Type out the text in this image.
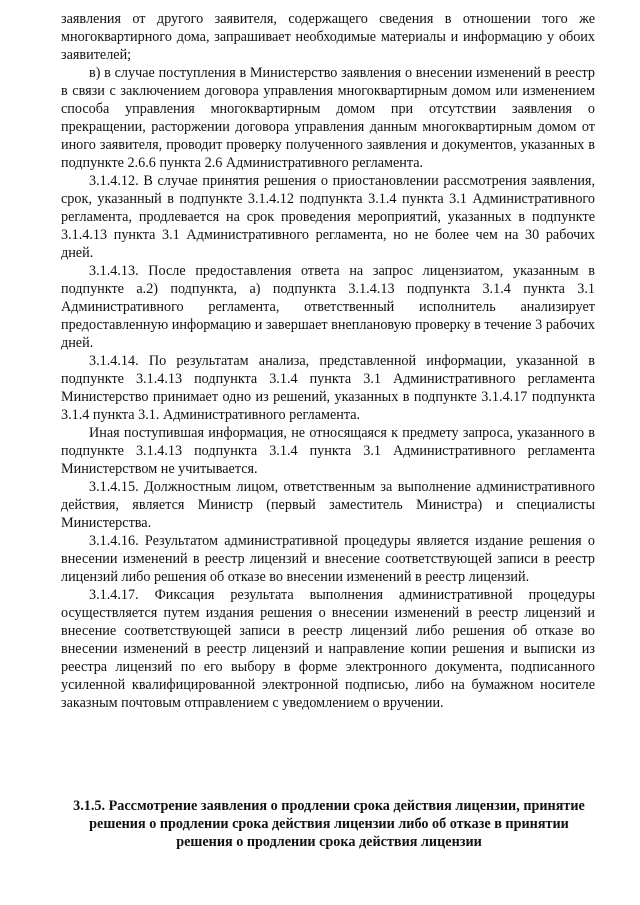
заявления от другого заявителя, содержащего сведения в отношении того же многоквартирного дома, запрашивает необходимые материалы и информацию у обоих заявителей;

в) в случае поступления в Министерство заявления о внесении изменений в реестр в связи с заключением договора управления многоквартирным домом или изменением способа управления многоквартирным домом при отсутствии заявления о прекращении, расторжении договора управления данным многоквартирным домом от иного заявителя, проводит проверку полученного заявления и документов, указанных в подпункте 2.6.6 пункта 2.6 Административного регламента.

3.1.4.12. В случае принятия решения о приостановлении рассмотрения заявления, срок, указанный в подпункте 3.1.4.12 подпункта 3.1.4 пункта 3.1 Административного регламента, продлевается на срок проведения мероприятий, указанных в подпункте 3.1.4.13 пункта 3.1 Административного регламента, но не более чем на 30 рабочих дней.

3.1.4.13. После предоставления ответа на запрос лицензиатом, указанным в подпункте а.2) подпункта, а) подпункта 3.1.4.13 подпункта 3.1.4 пункта 3.1 Административного регламента, ответственный исполнитель анализирует предоставленную информацию и завершает внеплановую проверку в течение 3 рабочих дней.

3.1.4.14. По результатам анализа, представленной информации, указанной в подпункте 3.1.4.13 подпункта 3.1.4 пункта 3.1 Административного регламента Министерство принимает одно из решений, указанных в подпункте 3.1.4.17 подпункта 3.1.4 пункта 3.1. Административного регламента.

Иная поступившая информация, не относящаяся к предмету запроса, указанного в подпункте 3.1.4.13 подпункта 3.1.4 пункта 3.1 Административного регламента Министерством не учитывается.

3.1.4.15. Должностным лицом, ответственным за выполнение административного действия, является Министр (первый заместитель Министра) и специалисты Министерства.

3.1.4.16. Результатом административной процедуры является издание решения о внесении изменений в реестр лицензий и внесение соответствующей записи в реестр лицензий либо решения об отказе во внесении изменений в реестр лицензий.

3.1.4.17. Фиксация результата выполнения административной процедуры осуществляется путем издания решения о внесении изменений в реестр лицензий и внесение соответствующей записи в реестр лицензий либо решения об отказе во внесении изменений в реестр лицензий и направление копии решения и выписки из реестра лицензий по его выбору в форме электронного документа, подписанного усиленной квалифицированной электронной подписью, либо на бумажном носителе заказным почтовым отправлением с уведомлением о вручении.

3.1.5. Рассмотрение заявления о продлении срока действия лицензии, принятие решения о продлении срока действия лицензии либо об отказе в принятии решения о продлении срока действия лицензии
